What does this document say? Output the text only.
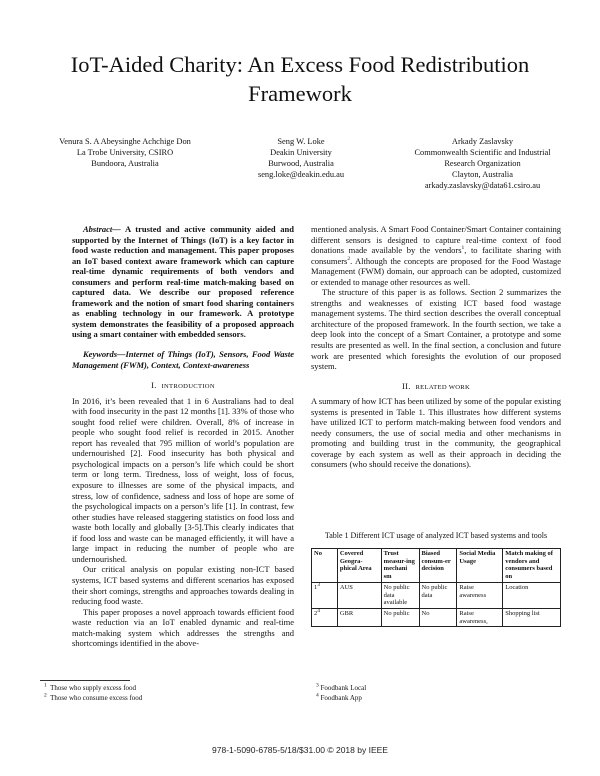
IoT-Aided Charity: An Excess Food Redistribution Framework
Venura S. A Abeysinghe Achchige Don
La Trobe University, CSIRO
Bundoora, Australia
Seng W. Loke
Deakin University
Burwood, Australia
seng.loke@deakin.edu.au
Arkady Zaslavsky
Commonwealth Scientific and Industrial
Research Organization
Clayton, Australia
arkady.zaslavsky@data61.csiro.au

Abstract— A trusted and active community aided and supported by the Internet of Things (IoT) is a key factor in food waste reduction and management. This paper proposes an IoT based context aware framework which can capture real-time dynamic requirements of both vendors and consumers and perform real-time match-making based on captured data. We describe our proposed reference framework and the notion of smart food sharing containers as enabling technology in our framework. A prototype system demonstrates the feasibility of a proposed approach using a smart container with embedded sensors.

Keywords—Internet of Things (IoT), Sensors, Food Waste Management (FWM), Context, Context-awareness

I. INTRODUCTION

In 2016, it’s been revealed that 1 in 6 Australians had to deal with food insecurity in the past 12 months [1]. 33% of those who sought food relief were children. Overall, 8% of increase in people who sought food relief is recorded in 2015. Another report has revealed that 795 million of world’s population are undernourished [2]. Food insecurity has both physical and psychological impacts on a person’s life which could be short term or long term. Tiredness, loss of weight, loss of focus, exposure to illnesses are some of the physical impacts, and stress, low of confidence, sadness and loss of hope are some of the psychological impacts on a person’s life [1]. In contrast, few other studies have released staggering statistics on food loss and waste both locally and globally [3-5].This clearly indicates that if food loss and waste can be managed efficiently, it will have a large impact in reducing the number of people who are undernourished.

Our critical analysis on popular existing non-ICT based systems, ICT based systems and different scenarios has exposed their short comings, strengths and approaches towards dealing in reducing food waste.

This paper proposes a novel approach towards efficient food waste reduction via an IoT enabled dynamic and real-time match-making system which addresses the strengths and shortcomings identified in the above-

mentioned analysis. A Smart Food Container/Smart Container containing different sensors is designed to capture real-time context of food donations made available by the vendors$^1$, to facilitate sharing with consumers$^2$. Although the concepts are proposed for the Food Wastage Management (FWM) domain, our approach can be adopted, customized or extended to manage other resources as well.

The structure of this paper is as follows. Section 2 summarizes the strengths and weaknesses of existing ICT based food wastage management systems. The third section describes the overall conceptual architecture of the proposed framework. In the fourth section, we take a deep look into the concept of a Smart Container, a prototype and some results are presented as well. In the final section, a conclusion and future work are presented which foresights the evolution of our proposed system.

II. RELATED WORK

A summary of how ICT has been utilized by some of the popular existing systems is presented in Table 1. This illustrates how different systems have utilized ICT to perform match-making between food vendors and needy consumers, the use of social media and other mechanisms in promoting and building trust in the community, the geographical coverage by each system as well as their approach in deciding the consumers (who should receive the donations).

Table 1 Different ICT usage of analyzed ICT based systems and tools
No	Covered Geogra-phical Area	Trust measur-ing mechani sm	Biased consum-er decision	Social Media Usage	Match making of vendors and consumers based on
$1^3$	AUS	No public data available	No public data	Raise awareness	Location
$2^4$	GBR	No public	No	Raise awareness,	Shopping list
$^1$ Those who supply excess food
$^2$ Those who consume excess food
$^3$ Foodbank Local
$^4$ Foodbank App
978-1-5090-6785-5/18/$31.00 © 2018 by IEEE
